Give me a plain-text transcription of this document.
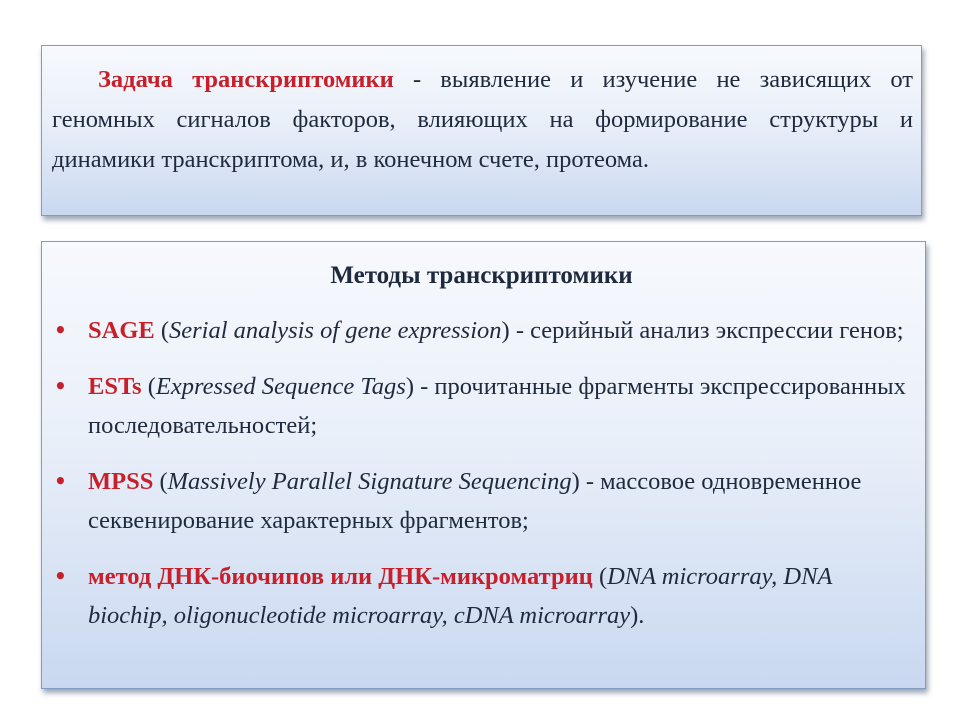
Задача транскриптомики - выявление и изучение не зависящих от геномных сигналов факторов, влияющих на формирование структуры и динамики транскриптома, и, в конечном счете, протеома.

Методы транскриптомики
• SAGE (Serial analysis of gene expression) - серийный анализ экспрессии генов;
• ESTs (Expressed Sequence Tags) - прочитанные фрагменты экспрессированных последовательностей;
• MPSS (Massively Parallel Signature Sequencing) - массовое одновременное секвенирование характерных фрагментов;
• метод ДНК-биочипов или ДНК-микроматриц (DNA microarray, DNA biochip, oligonucleotide microarray, cDNA microarray).
